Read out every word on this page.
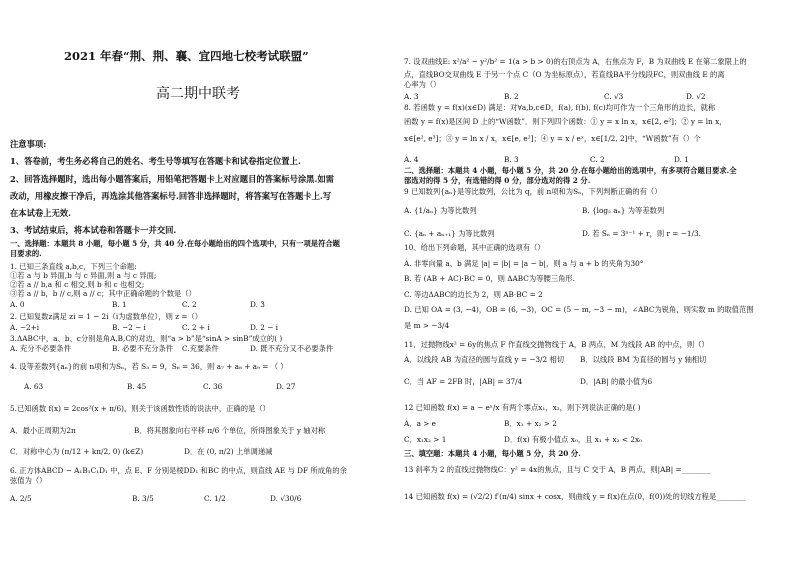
2021 年春“荆、荆、襄、宜四地七校考试联盟”
高二期中联考
注意事项:
1、答卷前，考生务必将自己的姓名、考生号等填写在答题卡和试卷指定位置上.
2、回答选择题时，选出每小题答案后，用铅笔把答题卡上对应题目的答案标号涂黑.如需
改动，用橡皮擦干净后，再选涂其他答案标号.回答非选择题时，将答案写在答题卡上.写
在本试卷上无效.
3、考试结束后，将本试卷和答题卡一并交回.
一、选择题：本题共 8 小题，每小题 5 分，共 40 分.在每小题给出的四个选项中，只有一项是符合题
目要求的.
1. 已知三条直线 a,b,c，下列三个命题:
①若 a 与 b 异面,b 与 c 异面,则 a 与 c 异面;
②若 a // b,a 和 c 相交,则 b 和 c 也相交;
③若 a // b，b // c,则 a // c；其中正确命题的个数是（）
A. 0	B. 1	C. 2	D. 3
2. 已知复数z满足 zi = 1 − 2i（i为虚数单位），则 z =（）
A. −2+i	B. −2 − i	C. 2 + i	D. 2 − i
3.ΔABC中，a、b、c分别是角A,B,C的对边，则“a > b”是“sinA > sinB”成立的( )
A. 充分不必要条件	B. 必要不充分条件 C.充要条件	D. 既不充分又不必要条件
4. 设等差数列{aₙ}的前 n项和为Sₙ，若 S₃ = 9，S₆ = 36，则 a₇ + a₈ + a₉ = （ ）
A. 63	B. 45	C. 36	D. 27
5.已知函数 f(x) = 2cos²(x + π/6)，则关于该函数性质的说法中，正确的是（）
A．最小正周期为2π	B．将其图象向右平移 π/6 个单位，所得图象关于 y 轴对称
C．对称中心为 (π/12 + kπ/2, 0) (k∈Z)	D．在 (0, π/2) 上单调递减
6. 正方体ABCD − A₁B₁C₁D₁ 中，点 E、F 分别是棱DD₁ 和BC 的中点，则直线 AE 与 DF 所成角的余
弦值为（）
A. 2/5	B. 3/5	C. 1/2	D. √30/6
7. 设双曲线E: x²/a² − y²/b² = 1(a > b > 0)的右顶点为 A，右焦点为 F，B 为双曲线 E 在第二象限上的
点，直线BO交双曲线 E 于另一个点 C（O 为坐标原点），若直线BA平分线段FC，则双曲线 E 的离
心率为（）
A. 3	B. 2	C. √3	D. √2
8. 若函数 y = f(x)(x∈D) 满足：对∀a,b,c∈D，f(a), f(b), f(c)均可作为一个三角形的边长，就称
函数 y = f(x)是区间 D 上的“W函数”．则下列四个函数：① y = x ln x，x∈[2, e²]；② y = ln x，
x∈[e², e³]；③ y = ln x / x，x∈[e, e²]；④ y = x / eˣ，x∈[1/2, 2]中，“W函数”有（）个
A. 4	B. 3	C. 2	D. 1
二、选择题：本题共 4 小题，每小题 5 分，共 20 分.在每小题给出的选项中，有多项符合题目要求.全
部选对的得 5 分，有选错的得 0 分，部分选对的得 2 分.
9 已知数列{aₙ}是等比数列，公比为 q，前 n项和为Sₙ，下列判断正确的有（）
A. {1/aₙ} 为等比数列	B. {log₂ aₙ} 为等差数列
C. {aₙ + aₙ₊₁} 为等比数列	D. 若 Sₙ = 3ⁿ⁻¹ + r，则 r = −1/3.
10、给出下列命题，其中正确的选项有（）
A. 非零向量 a、b 满足 |a| = |b| = |a − b|，则 a 与 a + b 的夹角为30°
B. 若 (AB + AC)·BC = 0，则 ΔABC为等腰三角形.
C. 等边ΔABC的边长为 2，则 AB·BC = 2
D. 已知 OA = (3, −4)，OB = (6, −3)，OC = (5 − m, −3 − m)，∠ABC为锐角，则实数 m 的取值范围
是 m > −3/4
11．过抛物线x² = 6y的焦点 F 作直线交抛物线于 A，B 两点，M 为线段 AB 的中点，则（）
A．以线段 AB 为直径的圆与直线 y = −3/2 相切 B．以线段 BM 为直径的圆与 y 轴相切
C．当 AF = 2FB 时，|AB| = 37/4	D．|AB| 的最小值为6
12 已知函数 f(x) = a − eˣ/x 有两个零点x₁，x₂，则下列说法正确的是( )
A．a > e	B．x₁ + x₂ > 2
C．x₁x₂ > 1	D．f(x) 有极小值点 x₀，且 x₁ + x₂ < 2x₀
三、填空题：本题共 4 小题，每小题 5 分，共 20 分.
13 斜率为 2 的直线过抛物线C：y² = 4x的焦点，且与 C 交于 A，B 两点，则|AB| =________
14 已知函数 f(x) = (√2/2) f′(π/4) sinx + cosx，则曲线 y = f(x)在点(0，f(0))处的切线方程是________
